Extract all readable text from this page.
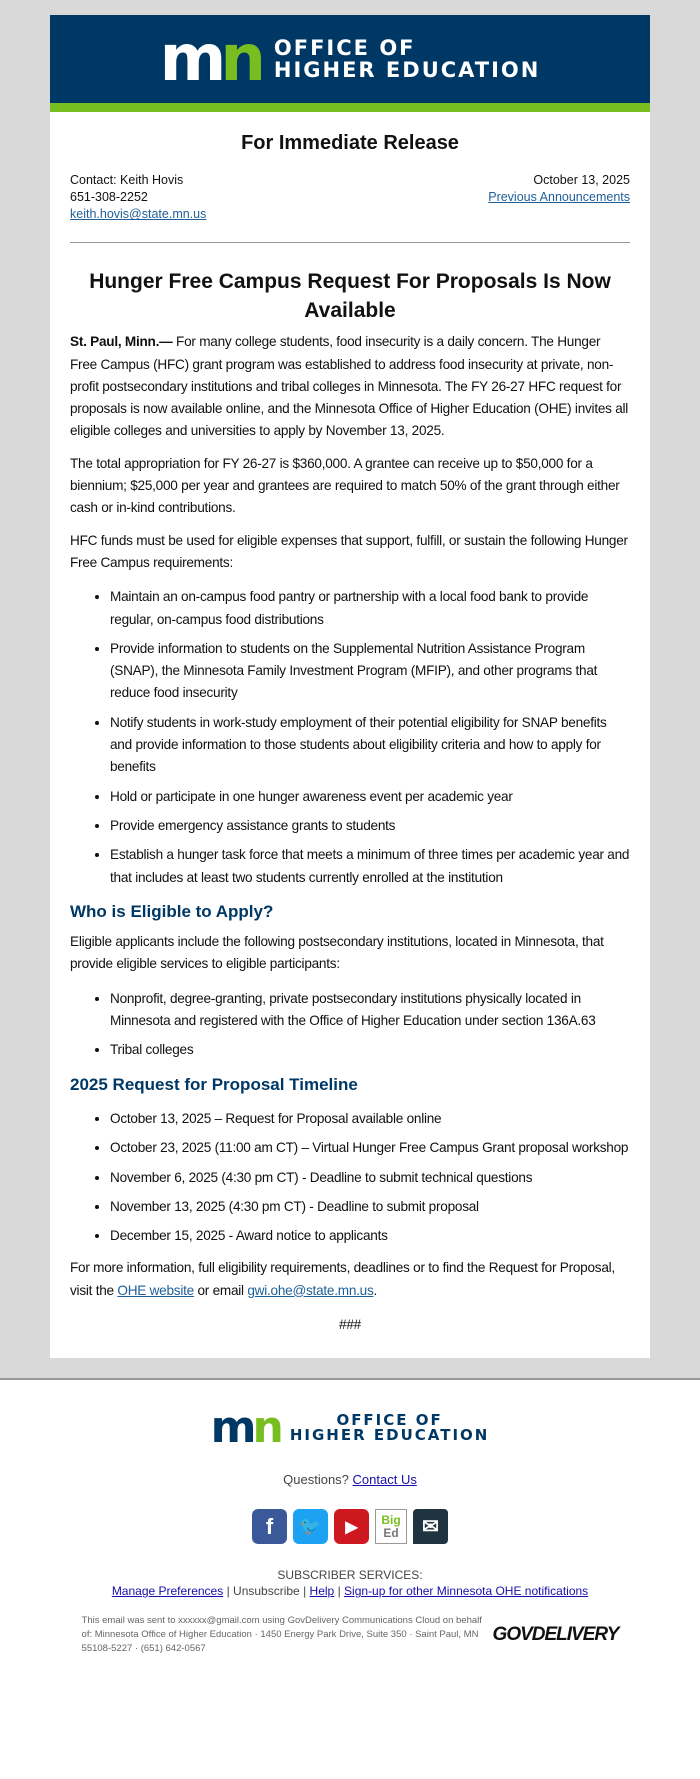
mn OFFICE OF
HIGHER EDUCATION
For Immediate Release
Contact: Keith Hovis
651-308-2252
keith.hovis@state.mn.us
October 13, 2025
Previous Announcements
Hunger Free Campus Request For Proposals Is Now Available

St. Paul, Minn.— For many college students, food insecurity is a daily concern. The Hunger Free Campus (HFC) grant program was established to address food insecurity at private, non-profit postsecondary institutions and tribal colleges in Minnesota. The FY 26-27 HFC request for proposals is now available online, and the Minnesota Office of Higher Education (OHE) invites all eligible colleges and universities to apply by November 13, 2025.

The total appropriation for FY 26-27 is $360,000. A grantee can receive up to $50,000 for a biennium; $25,000 per year and grantees are required to match 50% of the grant through either cash or in-kind contributions.

HFC funds must be used for eligible expenses that support, fulfill, or sustain the following Hunger Free Campus requirements:

• Maintain an on-campus food pantry or partnership with a local food bank to provide regular, on-campus food distributions
• Provide information to students on the Supplemental Nutrition Assistance Program (SNAP), the Minnesota Family Investment Program (MFIP), and other programs that reduce food insecurity
• Notify students in work-study employment of their potential eligibility for SNAP benefits and provide information to those students about eligibility criteria and how to apply for benefits
• Hold or participate in one hunger awareness event per academic year
• Provide emergency assistance grants to students
• Establish a hunger task force that meets a minimum of three times per academic year and that includes at least two students currently enrolled at the institution
Who is Eligible to Apply?

Eligible applicants include the following postsecondary institutions, located in Minnesota, that provide eligible services to eligible participants:

• Nonprofit, degree-granting, private postsecondary institutions physically located in Minnesota and registered with the Office of Higher Education under section 136A.63
• Tribal colleges
2025 Request for Proposal Timeline
• October 13, 2025 – Request for Proposal available online
• October 23, 2025 (11:00 am CT) – Virtual Hunger Free Campus Grant proposal workshop
• November 6, 2025 (4:30 pm CT) - Deadline to submit technical questions
• November 13, 2025 (4:30 pm CT) - Deadline to submit proposal
• December 15, 2025 - Award notice to applicants

For more information, full eligibility requirements, deadlines or to find the Request for Proposal, visit the OHE website or email gwi.ohe@state.mn.us.

###
mn	OFFICE OF
HIGHER EDUCATION
Questions? Contact Us
f	🐦	▶	Big
Ed	✉
SUBSCRIBER SERVICES:
Manage Preferences | Unsubscribe | Help | Sign-up for other Minnesota OHE notifications
This email was sent to xxxxxx@gmail.com using GovDelivery Communications Cloud on behalf of: Minnesota Office of Higher Education · 1450 Energy Park Drive, Suite 350 · Saint Paul, MN 55108-5227 · (651) 642-0567
GOVDELIVERY
